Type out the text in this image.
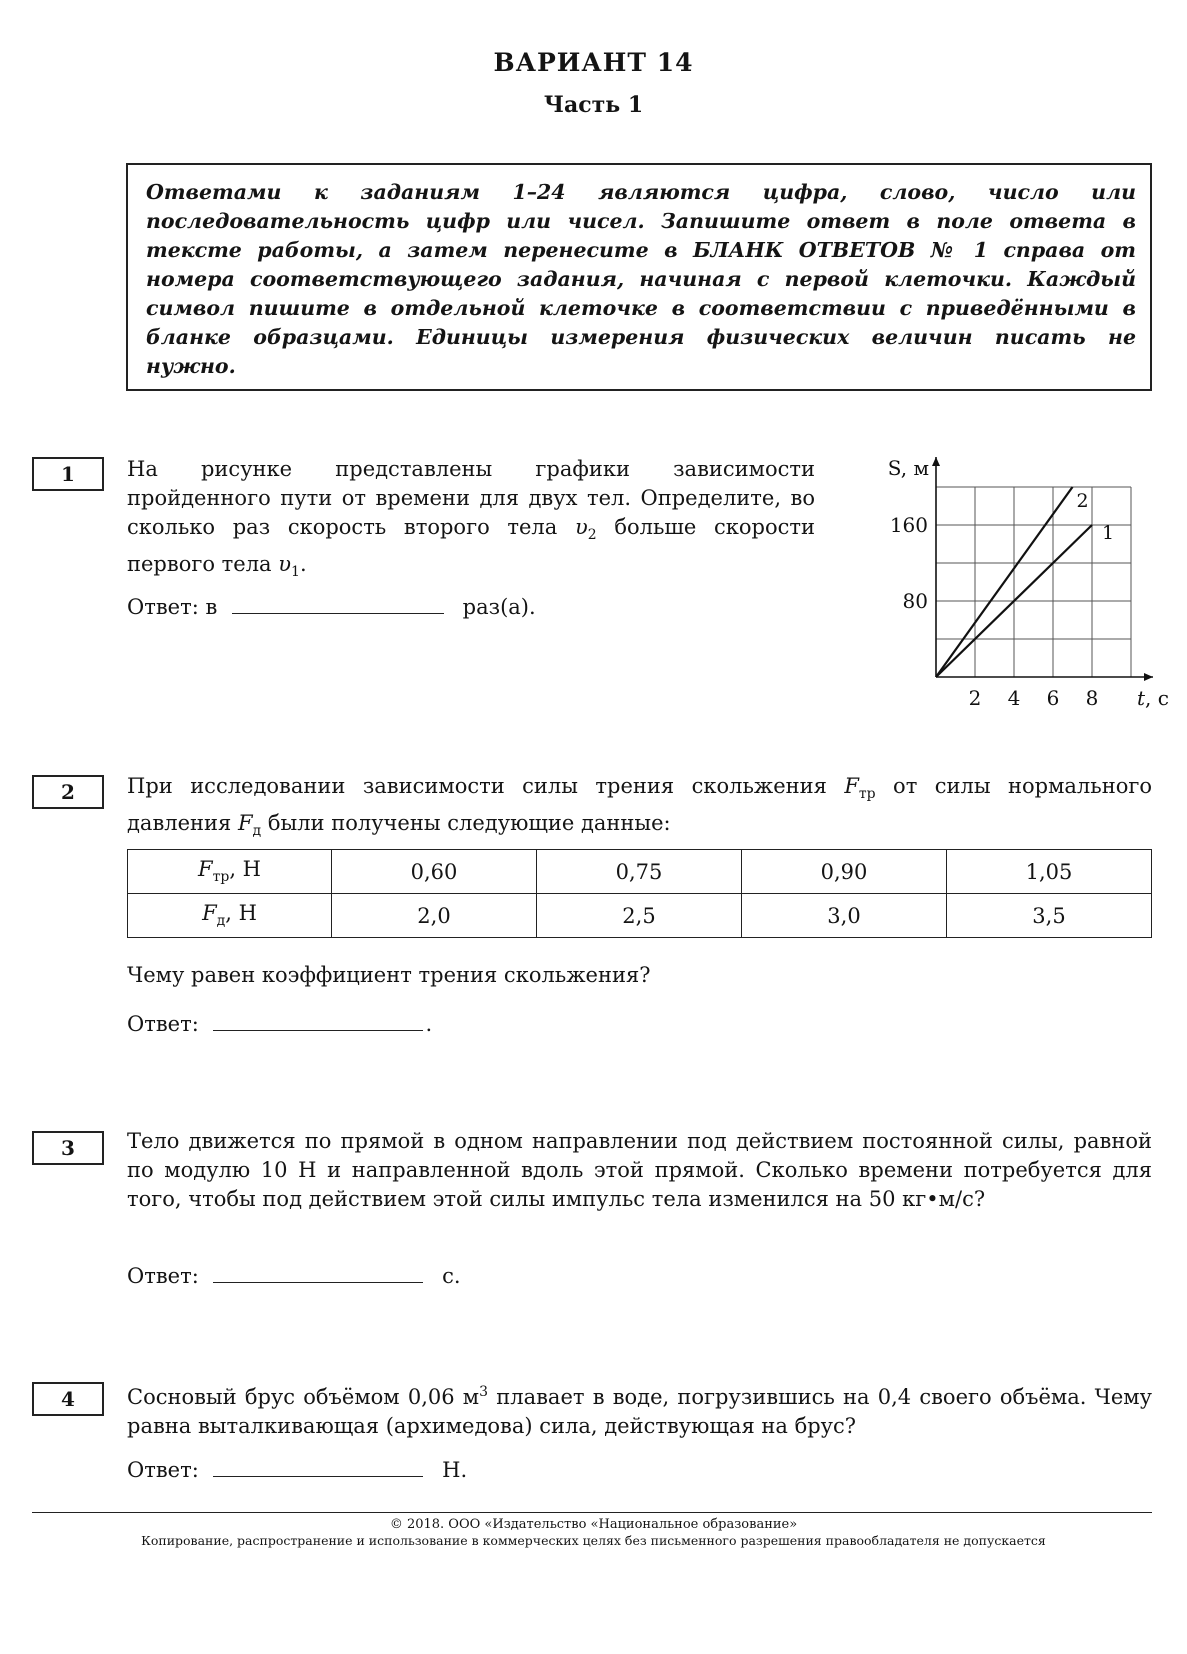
ВАРИАНТ 14
Часть 1
Ответами к заданиям 1–24 являются цифра, слово, число или последовательность цифр или чисел. Запишите ответ в поле ответа в тексте работы, а затем перенесите в БЛАНК ОТВЕТОВ № 1 справа от номера соответствующего задания, начиная с первой клеточки. Каждый символ пишите в отдельной клеточке в соответствии с приведёнными в бланке образцами. Единицы измерения физических величин писать не нужно.
1	На рисунке представлены графики зависимости пройденного пути от времени для двух тел. Определите, во сколько раз скорость второго тела $\upsilon_2$ больше скорости первого тела $\upsilon_1$.
Ответ: в	раз(а).
1
2
2 4 6 8
80
160
S, м
t, с
2	При исследовании зависимости силы трения скольжения $F_{тр}$ от силы нормального давления $F_д$ были получены следующие данные:
$F_{тр}$, Н	0,60	0,75	0,90	1,05
$F_д$, Н	2,0	2,5	3,0	3,5
Чему равен коэффициент трения скольжения?
Ответ:	.
3	Тело движется по прямой в одном направлении под действием постоянной силы, равной по модулю 10 Н и направленной вдоль этой прямой. Сколько времени потребуется для того, чтобы под действием этой силы импульс тела изменился на 50 кг•м/с?
Ответ:	с.
4	Сосновый брус объёмом 0,06 $м^3$ плавает в воде, погрузившись на 0,4 своего объёма. Чему равна выталкивающая (архимедова) сила, действующая на брус?
Ответ:	Н.
© 2018. ООО «Издательство «Национальное образование»
Копирование, распространение и использование в коммерческих целях без письменного разрешения правообладателя не допускается
